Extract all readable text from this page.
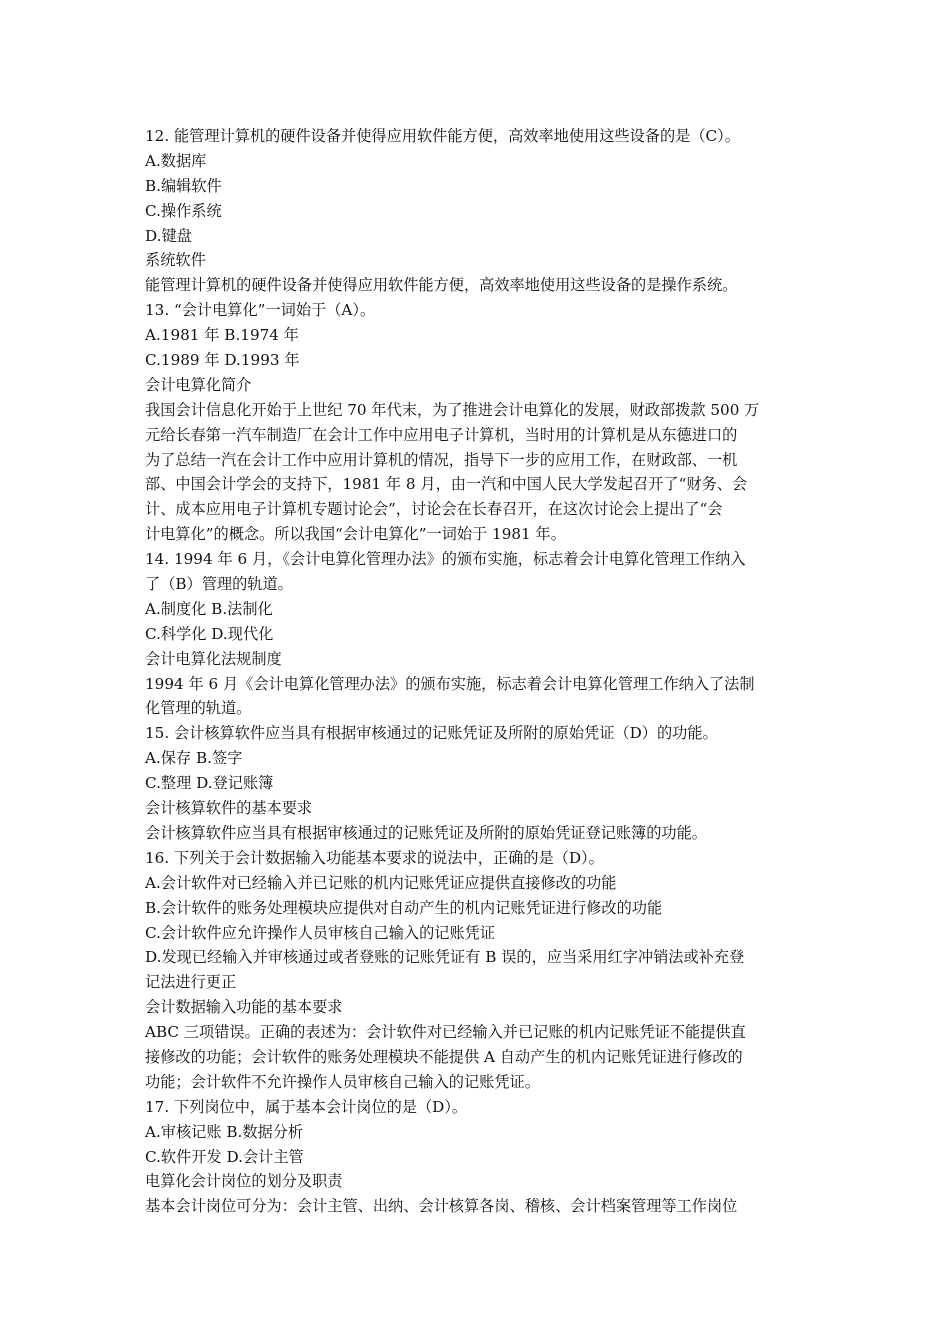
12. 能管理计算机的硬件设备并使得应用软件能方便，高效率地使用这些设备的是（C）。
A.数据库
B.编辑软件
C.操作系统
D.键盘
系统软件
能管理计算机的硬件设备并使得应用软件能方便，高效率地使用这些设备的是操作系统。
13. “会计电算化”一词始于（A）。
A.1981 年 B.1974 年
C.1989 年 D.1993 年
会计电算化简介
我国会计信息化开始于上世纪 70 年代末，为了推进会计电算化的发展，财政部拨款 500 万
元给长春第一汽车制造厂在会计工作中应用电子计算机，当时用的计算机是从东德进口的
为了总结一汽在会计工作中应用计算机的情况，指导下一步的应用工作，在财政部、一机
部、中国会计学会的支持下，1981 年 8 月，由一汽和中国人民大学发起召开了“财务、会
计、成本应用电子计算机专题讨论会”，讨论会在长春召开，在这次讨论会上提出了“会
计电算化”的概念。所以我国“会计电算化”一词始于 1981 年。
14. 1994 年 6 月，《会计电算化管理办法》的颁布实施，标志着会计电算化管理工作纳入
了（B）管理的轨道。
A.制度化 B.法制化
C.科学化 D.现代化
会计电算化法规制度
1994 年 6 月《会计电算化管理办法》的颁布实施，标志着会计电算化管理工作纳入了法制
化管理的轨道。
15. 会计核算软件应当具有根据审核通过的记账凭证及所附的原始凭证（D）的功能。
A.保存 B.签字
C.整理 D.登记账簿
会计核算软件的基本要求
会计核算软件应当具有根据审核通过的记账凭证及所附的原始凭证登记账簿的功能。
16. 下列关于会计数据输入功能基本要求的说法中，正确的是（D）。
A.会计软件对已经输入并已记账的机内记账凭证应提供直接修改的功能
B.会计软件的账务处理模块应提供对自动产生的机内记账凭证进行修改的功能
C.会计软件应允许操作人员审核自己输入的记账凭证
D.发现已经输入并审核通过或者登账的记账凭证有 B 误的，应当采用红字冲销法或补充登
记法进行更正
会计数据输入功能的基本要求
ABC 三项错误。正确的表述为：会计软件对已经输入并已记账的机内记账凭证不能提供直
接修改的功能；会计软件的账务处理模块不能提供 A 自动产生的机内记账凭证进行修改的
功能；会计软件不允许操作人员审核自己输入的记账凭证。
17. 下列岗位中，属于基本会计岗位的是（D）。
A.审核记账 B.数据分析
C.软件开发 D.会计主管
电算化会计岗位的划分及职责
基本会计岗位可分为：会计主管、出纳、会计核算各岗、稽核、会计档案管理等工作岗位
